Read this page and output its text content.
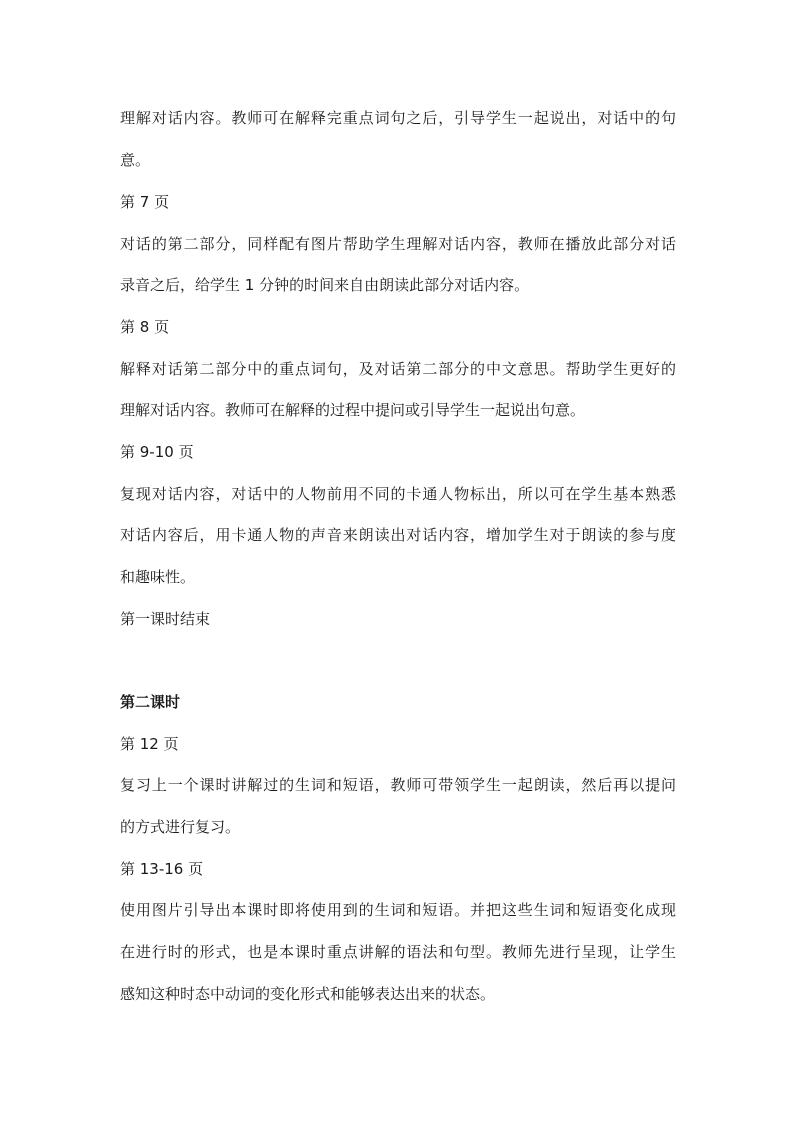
理解对话内容。教师可在解释完重点词句之后，引导学生一起说出，对话中的句
意。
第 7 页
对话的第二部分，同样配有图片帮助学生理解对话内容，教师在播放此部分对话
录音之后，给学生 1 分钟的时间来自由朗读此部分对话内容。
第 8 页
解释对话第二部分中的重点词句，及对话第二部分的中文意思。帮助学生更好的
理解对话内容。教师可在解释的过程中提问或引导学生一起说出句意。
第 9-10 页
复现对话内容，对话中的人物前用不同的卡通人物标出，所以可在学生基本熟悉
对话内容后，用卡通人物的声音来朗读出对话内容，增加学生对于朗读的参与度
和趣味性。
第一课时结束
第二课时
第 12 页
复习上一个课时讲解过的生词和短语，教师可带领学生一起朗读，然后再以提问
的方式进行复习。
第 13-16 页
使用图片引导出本课时即将使用到的生词和短语。并把这些生词和短语变化成现
在进行时的形式，也是本课时重点讲解的语法和句型。教师先进行呈现，让学生
感知这种时态中动词的变化形式和能够表达出来的状态。
